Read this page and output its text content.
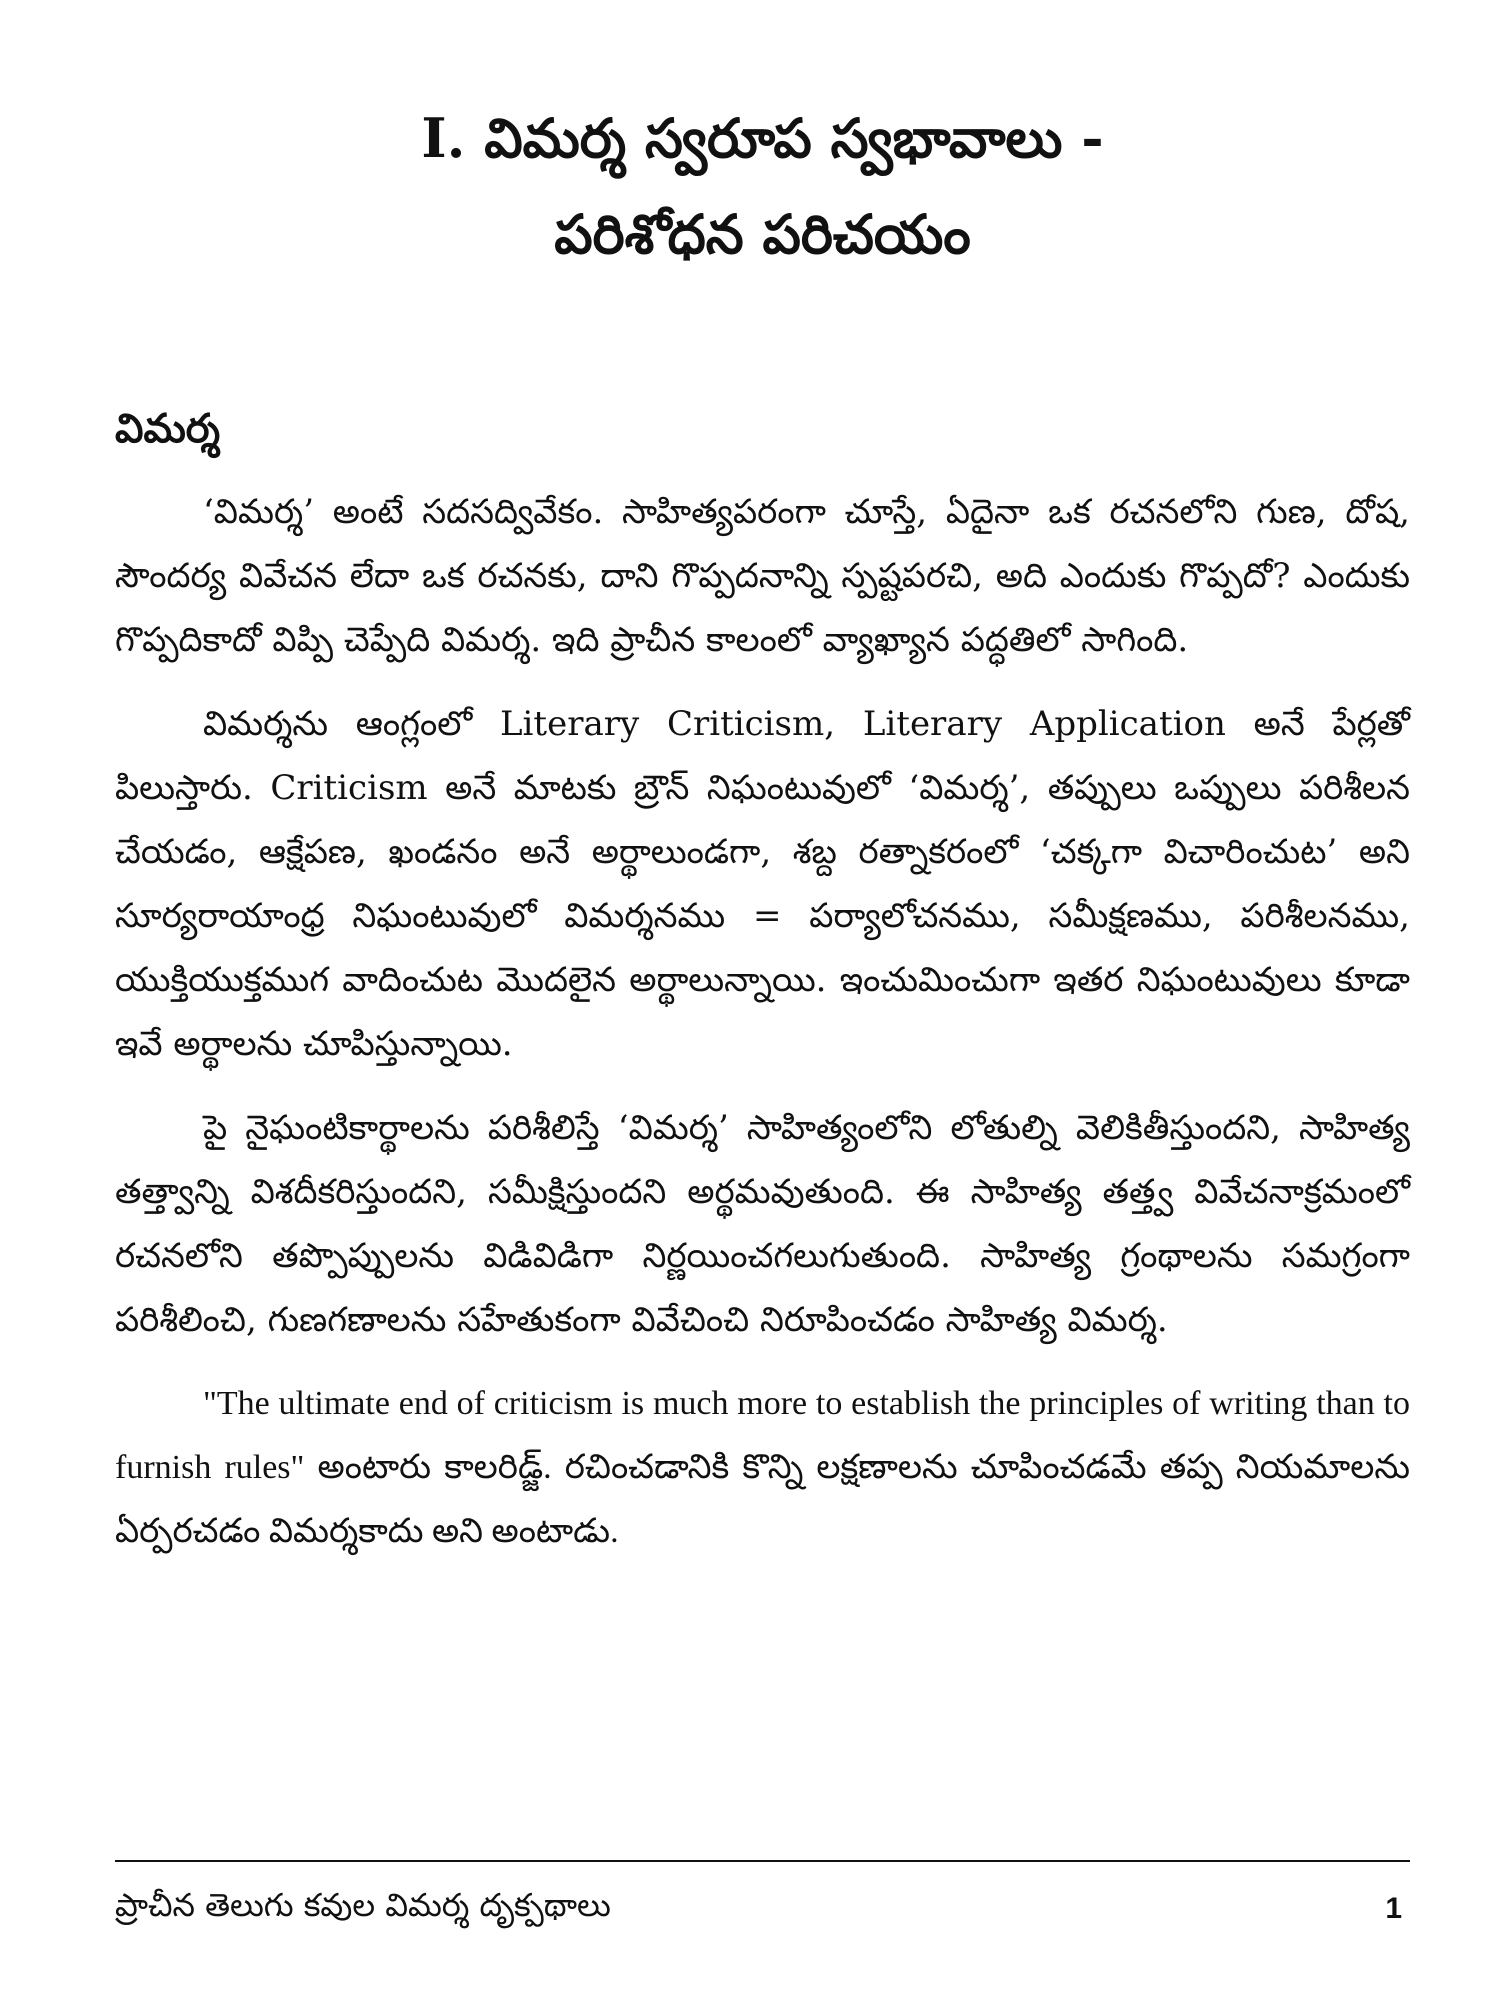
I. విమర్శ స్వరూప స్వభావాలు -
పరిశోధన పరిచయం
విమర్శ

‘విమర్శ’ అంటే సదసద్వివేకం. సాహిత్యపరంగా చూస్తే, ఏదైనా ఒక రచనలోని గుణ, దోష, సౌందర్య వివేచన లేదా ఒక రచనకు, దాని గొప్పదనాన్ని స్పష్టపరచి, అది ఎందుకు గొప్పదో? ఎందుకు గొప్పదికాదో విప్పి చెప్పేది విమర్శ. ఇది ప్రాచీన కాలంలో వ్యాఖ్యాన పద్ధతిలో సాగింది.

విమర్శను ఆంగ్లంలో Literary Criticism, Literary Application అనే పేర్లతో పిలుస్తారు. Criticism అనే మాటకు బ్రౌన్ నిఘంటువులో ‘విమర్శ’, తప్పులు ఒప్పులు పరిశీలన చేయడం, ఆక్షేపణ, ఖండనం అనే అర్థాలుండగా, శబ్ద రత్నాకరంలో ‘చక్కగా విచారించుట’ అని సూర్యరాయాంధ్ర నిఘంటువులో విమర్శనము = పర్యాలోచనము, సమీక్షణము, పరిశీలనము, యుక్తియుక్తముగ వాదించుట మొదలైన అర్థాలున్నాయి. ఇంచుమించుగా ఇతర నిఘంటువులు కూడా ఇవే అర్థాలను చూపిస్తున్నాయి.

పై నైఘంటికార్థాలను పరిశీలిస్తే ‘విమర్శ’ సాహిత్యంలోని లోతుల్ని వెలికితీస్తుందని, సాహిత్య తత్త్వాన్ని విశదీకరిస్తుందని, సమీక్షిస్తుందని అర్థమవుతుంది. ఈ సాహిత్య తత్త్వ వివేచనాక్రమంలో రచనలోని తప్పొప్పులను విడివిడిగా నిర్ణయించగలుగుతుంది. సాహిత్య గ్రంథాలను సమగ్రంగా పరిశీలించి, గుణగణాలను సహేతుకంగా వివేచించి నిరూపించడం సాహిత్య విమర్శ.

"The ultimate end of criticism is much more to establish the principles of writing than to furnish rules" అంటారు కాలరిడ్జ్. రచించడానికి కొన్ని లక్షణాలను చూపించడమే తప్ప నియమాలను ఏర్పరచడం విమర్శకాదు అని అంటాడు.

ప్రాచీన తెలుగు కవుల విమర్శ దృక్పథాలు	1
